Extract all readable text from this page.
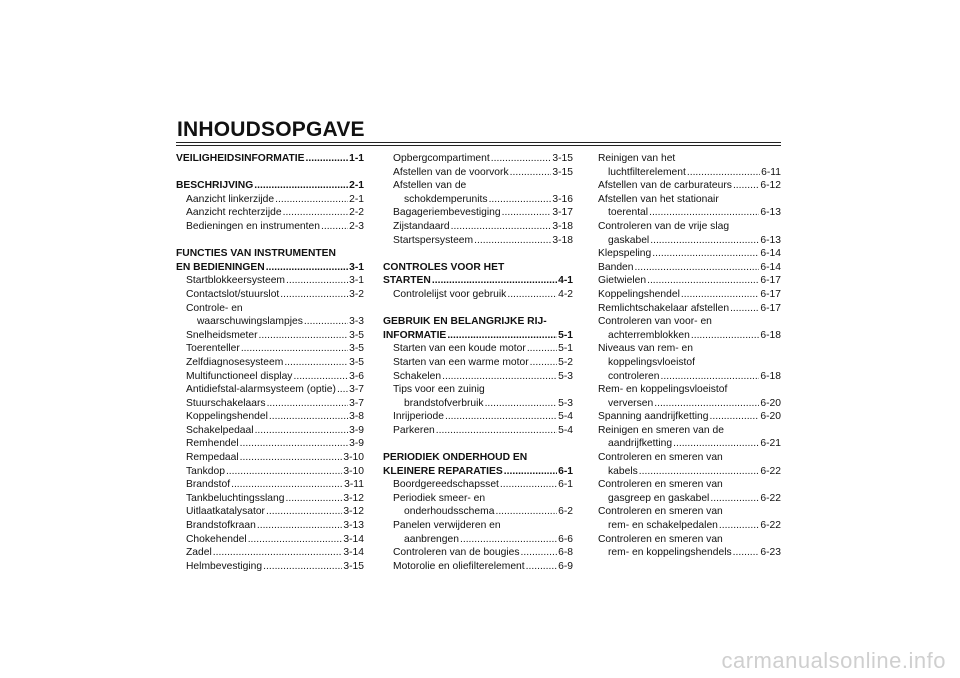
INHOUDSOPGAVE
VEILIGHEIDSINFORMATIE .....	1-1
BESCHRIJVING .....	2-1
Aanzicht linkerzijde .....	2-1
Aanzicht rechterzijde .....	2-2
Bedieningen en instrumenten .....	2-3
FUNCTIES VAN INSTRUMENTEN
EN BEDIENINGEN .....	3-1
Startblokkeersysteem .....	3-1
Contactslot/stuurslot .....	3-2
Controle- en
waarschuwingslampjes .....	3-3
Snelheidsmeter .....	3-5
Toerenteller .....	3-5
Zelfdiagnosesysteem .....	3-5
Multifunctioneel display .....	3-6
Antidiefstal-alarmsysteem (optie) ..... 3-7
Stuurschakelaars .....	3-7
Koppelingshendel .....	3-8
Schakelpedaal .....	3-9
Remhendel .....	3-9
Rempedaal .....	3-10
Tankdop .....	3-10
Brandstof .....	3-11
Tankbeluchtingsslang .....	3-12
Uitlaatkatalysator .....	3-12
Brandstofkraan .....	3-13
Chokehendel .....	3-14
Zadel .....	3-14
Helmbevestiging .....	3-15
Opbergcompartiment .....	3-15
Afstellen van de voorvork .....	3-15
Afstellen van de
schokdemperunits .....	3-16
Bagageriembevestiging .....	3-17
Zijstandaard .....	3-18
Startspersysteem .....	3-18
CONTROLES VOOR HET
STARTEN .....	4-1
Controlelijst voor gebruik .....	4-2
GEBRUIK EN BELANGRIJKE RIJ-
INFORMATIE .....	5-1
Starten van een koude motor .....	5-1
Starten van een warme motor .....	5-2
Schakelen .....	5-3
Tips voor een zuinig
brandstofverbruik .....	5-3
Inrijperiode .....	5-4
Parkeren .....	5-4
PERIODIEK ONDERHOUD EN
KLEINERE REPARATIES .....	6-1
Boordgereedschapsset .....	6-1
Periodiek smeer- en
onderhoudsschema .....	6-2
Panelen verwijderen en
aanbrengen .....	6-6
Controleren van de bougies .....	6-8
Motorolie en oliefilterelement .....	6-9
Reinigen van het
luchtfilterelement .....	6-11
Afstellen van de carburateurs .....	6-12
Afstellen van het stationair
toerental .....	6-13
Controleren van de vrije slag
gaskabel .....	6-13
Klepspeling .....	6-14
Banden .....	6-14
Gietwielen .....	6-17
Koppelingshendel .....	6-17
Remlichtschakelaar afstellen .....	6-17
Controleren van voor- en
achterremblokken .....	6-18
Niveaus van rem- en
koppelingsvloeistof
controleren .....	6-18
Rem- en koppelingsvloeistof
verversen .....	6-20
Spanning aandrijfketting .....	6-20
Reinigen en smeren van de
aandrijfketting .....	6-21
Controleren en smeren van
kabels .....	6-22
Controleren en smeren van
gasgreep en gaskabel .....	6-22
Controleren en smeren van
rem- en schakelpedalen .....	6-22
Controleren en smeren van
rem- en koppelingshendels .....	6-23
carmanualsonline.info
